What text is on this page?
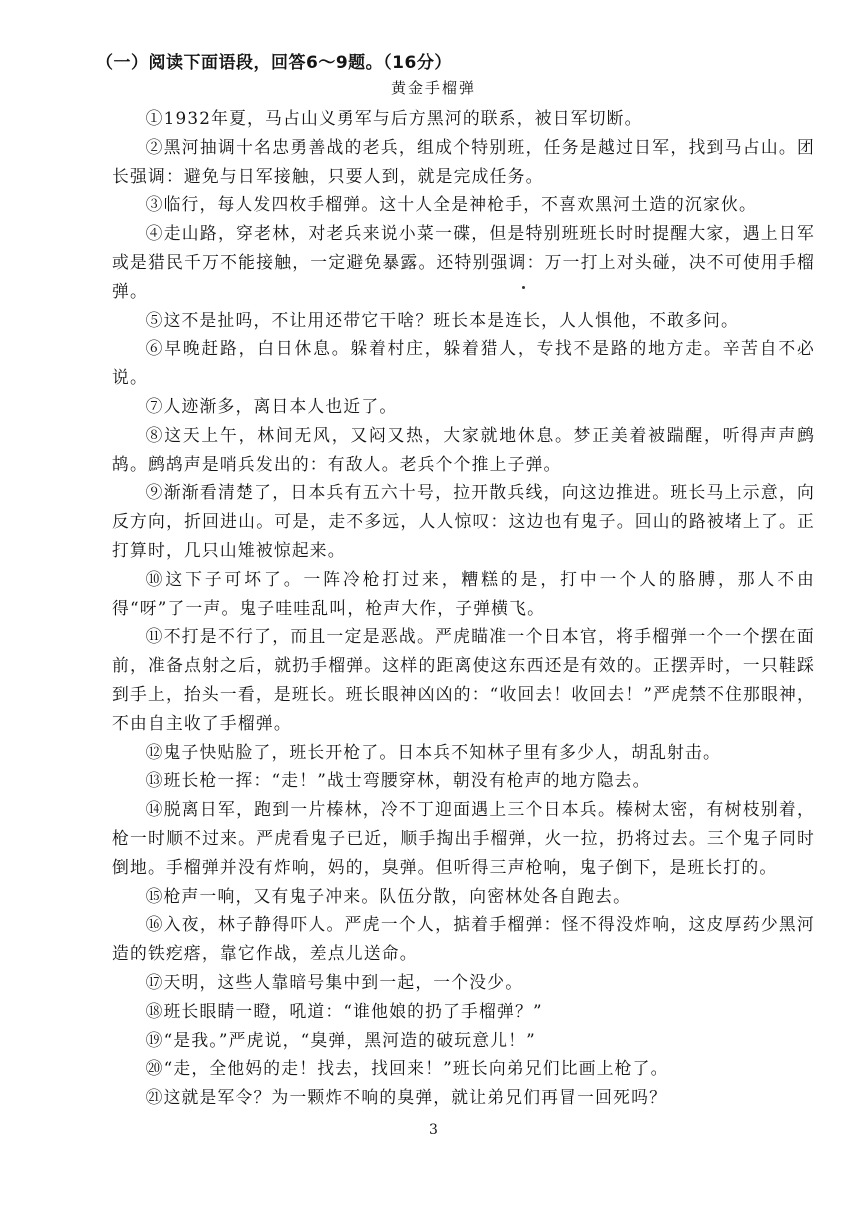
（一）阅读下面语段，回答6～9题。（16分）
黄金手榴弹

①1932年夏，马占山义勇军与后方黑河的联系，被日军切断。

②黑河抽调十名忠勇善战的老兵，组成个特别班，任务是越过日军，找到马占山。团长强调：避免与日军接触，只要人到，就是完成任务。

③临行，每人发四枚手榴弹。这十人全是神枪手，不喜欢黑河土造的沉家伙。

④走山路，穿老林，对老兵来说小菜一碟，但是特别班班长时时提醒大家，遇上日军或是猎民千万不能接触，一定避免暴露。还特别强调：万一打上对头碰，决不可使用手榴弹。

⑤这不是扯吗，不让用还带它干啥？班长本是连长，人人惧他，不敢多问。

⑥早晚赶路，白日休息。躲着村庄，躲着猎人，专找不是路的地方走。辛苦自不必说。

⑦人迹渐多，离日本人也近了。

⑧这天上午，林间无风，又闷又热，大家就地休息。梦正美着被踹醒，听得声声鹧鸪。鹧鸪声是哨兵发出的：有敌人。老兵个个推上子弹。

⑨渐渐看清楚了，日本兵有五六十号，拉开散兵线，向这边推进。班长马上示意，向反方向，折回进山。可是，走不多远，人人惊叹：这边也有鬼子。回山的路被堵上了。正打算时，几只山雉被惊起来。

⑩这下子可坏了。一阵冷枪打过来，糟糕的是，打中一个人的胳膊，那人不由得“呀”了一声。鬼子哇哇乱叫，枪声大作，子弹横飞。

⑪不打是不行了，而且一定是恶战。严虎瞄准一个日本官，将手榴弹一个一个摆在面前，准备点射之后，就扔手榴弹。这样的距离使这东西还是有效的。正摆弄时，一只鞋踩到手上，抬头一看，是班长。班长眼神凶凶的：“收回去！收回去！”严虎禁不住那眼神，不由自主收了手榴弹。

⑫鬼子快贴脸了，班长开枪了。日本兵不知林子里有多少人，胡乱射击。

⑬班长枪一挥：“走！”战士弯腰穿林，朝没有枪声的地方隐去。

⑭脱离日军，跑到一片榛林，冷不丁迎面遇上三个日本兵。榛树太密，有树枝别着，枪一时顺不过来。严虎看鬼子已近，顺手掏出手榴弹，火一拉，扔将过去。三个鬼子同时倒地。手榴弹并没有炸响，妈的，臭弹。但听得三声枪响，鬼子倒下，是班长打的。

⑮枪声一响，又有鬼子冲来。队伍分散，向密林处各自跑去。

⑯入夜，林子静得吓人。严虎一个人，掂着手榴弹：怪不得没炸响，这皮厚药少黑河造的铁疙瘩，靠它作战，差点儿送命。

⑰天明，这些人靠暗号集中到一起，一个没少。

⑱班长眼睛一瞪，吼道：“谁他娘的扔了手榴弹？”

⑲“是我。”严虎说，“臭弹，黑河造的破玩意儿！”

⑳“走，全他妈的走！找去，找回来！”班长向弟兄们比画上枪了。

㉑这就是军令？为一颗炸不响的臭弹，就让弟兄们再冒一回死吗？

3
